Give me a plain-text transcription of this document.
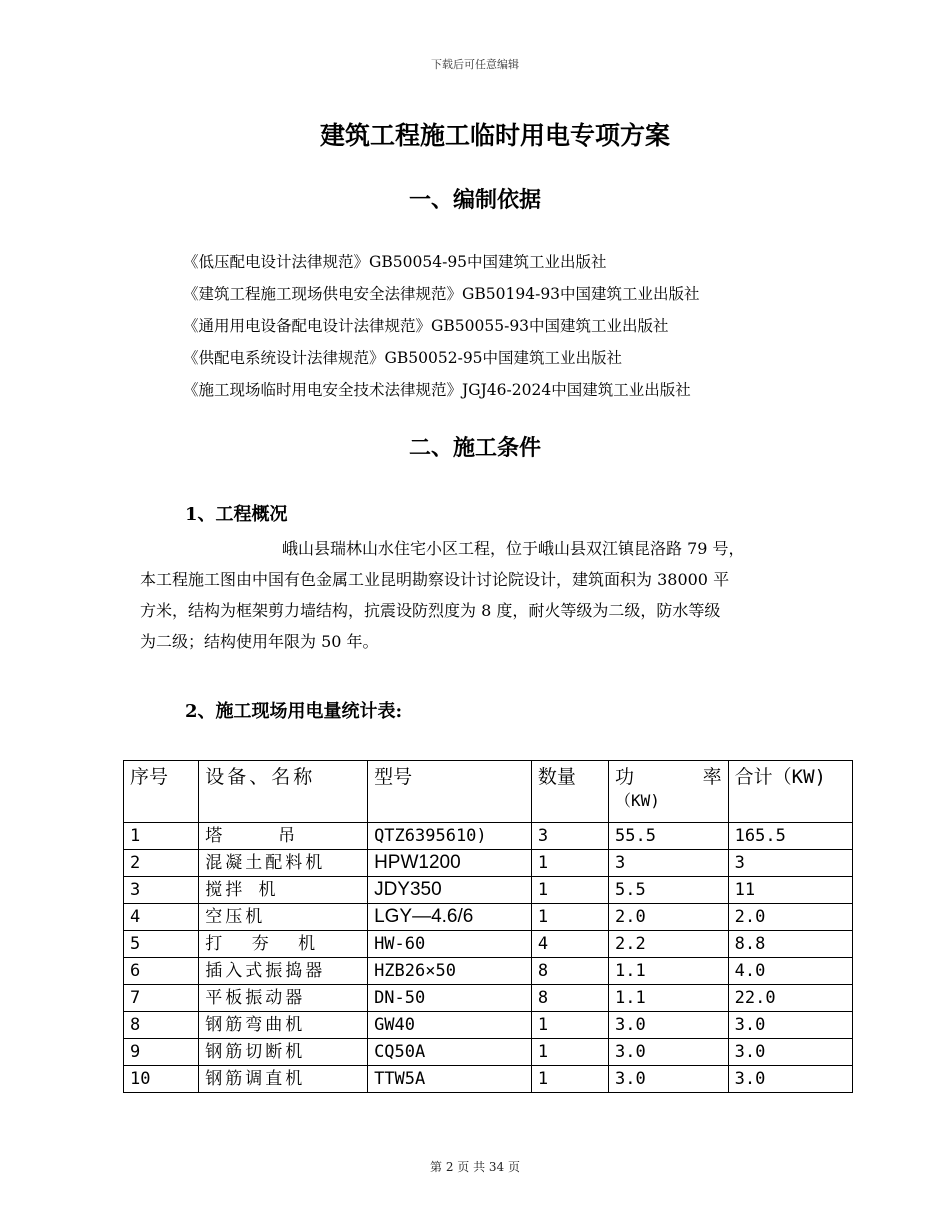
下载后可任意编辑
建筑工程施工临时用电专项方案
一、编制依据
《低压配电设计法律规范》GB50054-95中国建筑工业出版社
《建筑工程施工现场供电安全法律规范》GB50194-93中国建筑工业出版社
《通用用电设备配电设计法律规范》GB50055-93中国建筑工业出版社
《供配电系统设计法律规范》GB50052-95中国建筑工业出版社
《施工现场临时用电安全技术法律规范》JGJ46-2024中国建筑工业出版社
二、施工条件
1、工程概况

峨山县瑞林山水住宅小区工程，位于峨山县双江镇昆洛路 79 号，

本工程施工图由中国有色金属工业昆明勘察设计讨论院设计，建筑面积为 38000 平

方米，结构为框架剪力墙结构，抗震设防烈度为 8 度，耐火等级为二级，防水等级

为二级；结构使用年限为 50 年。

2、施工现场用电量统计表:
序号	设备、名称	型号	数量	功      率
（KW)	合计（KW)
1	塔    吊	QTZ6395610)	3	55.5	165.5
2	混凝土配料机	HPW1200	1	3	3
3	搅拌 机	JDY350	1	5.5	11
4	空压机	LGY—4.6/6	1	2.0	2.0
5	打  夯  机	HW-60	4	2.2	8.8
6	插入式振捣器	HZB26×50	8	1.1	4.0
7	平板振动器	DN-50	8	1.1	22.0
8	钢筋弯曲机	GW40	1	3.0	3.0
9	钢筋切断机	CQ50A	1	3.0	3.0
10	钢筋调直机	TTW5A	1	3.0	3.0
第 2 页 共 34 页
